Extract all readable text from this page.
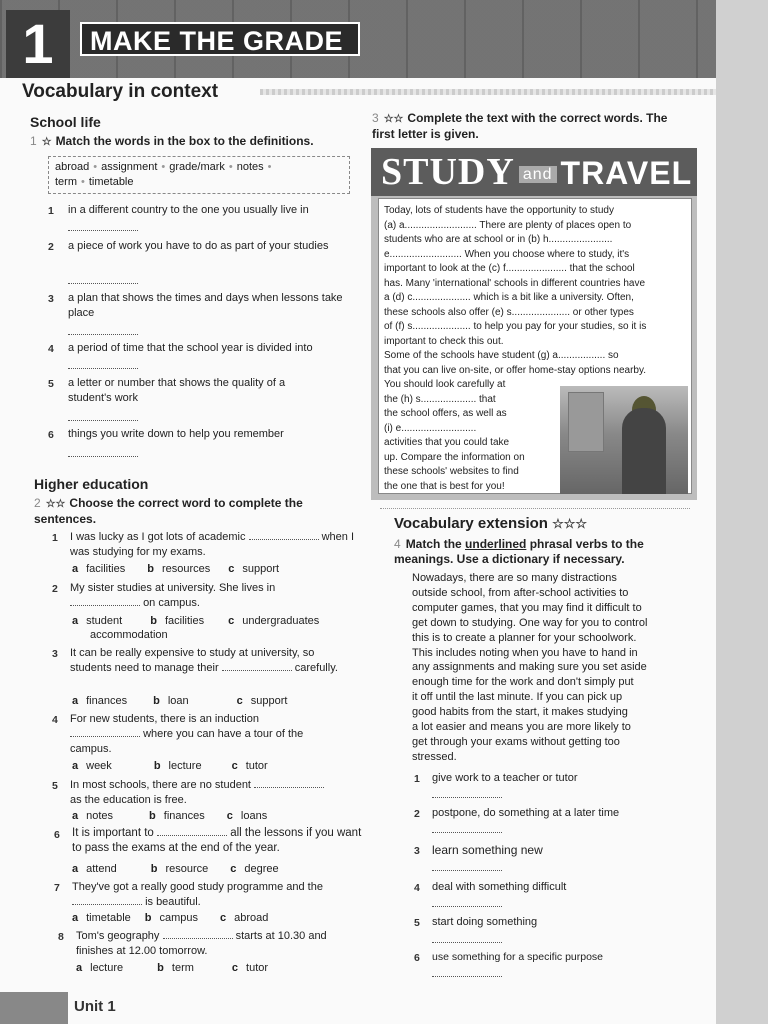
1	MAKE THE GRADE
Vocabulary in context
School life
1 ☆ Match the words in the box to the definitions.
abroad • assignment • grade/mark • notes •
term • timetable
1 in a different country to the one you usually live in
2 a piece of work you have to do as part of your studies
3 a plan that shows the times and days when lessons take place
4 a period of time that the school year is divided into
5 a letter or number that shows the quality of a student's work
6 things you write down to help you remember
Higher education
2 ☆☆ Choose the correct word to complete the sentences.
1 I was lucky as I got lots of academic	when I was studying for my exams.
a facilities b resources c support
2 My sister studies at university. She lives in
on campus.
a student	b facilities c undergraduates
accommodation
3 It can be really expensive to study at university, so students need to manage their	carefully.
a finances b loan	c support
4 For new students, there is an induction
where you can have a tour of the campus.
a week	b lecture	c tutor
5 In most schools, there are no student
as the education is free.
a notes	b finances c loans
6 It is important to	all the lessons if you want to pass the exams at the end of the year.
a attend	b resource c degree
7 They've got a really good study programme and the
is beautiful.
a timetable b campus c abroad
8 Tom's geography	starts at 10.30 and finishes at 12.00 tomorrow.
a lecture	b term	c tutor
3 ☆☆ Complete the text with the correct words. The first letter is given.
STUDY and TRAVEL
Today, lots of students have the opportunity to study
(a) a.......................... There are plenty of places open to
students who are at school or in (b) h.......................
e.......................... When you choose where to study, it's
important to look at the (c) f...................... that the school
has. Many 'international' schools in different countries have
a (d) c..................... which is a bit like a university. Often,
these schools also offer (e) s..................... or other types
of (f) s..................... to help you pay for your studies, so it is
important to check this out.
Some of the schools have student (g) a................. so
that you can live on-site, or offer home-stay options nearby.
You should look carefully at
the (h) s.................... that
the school offers, as well as
(i) e...........................
activities that you could take
up. Compare the information on
these schools' websites to find
the one that is best for you!
Vocabulary extension ☆☆☆
4 Match the underlined phrasal verbs to the meanings. Use a dictionary if necessary.
Nowadays, there are so many distractions
outside school, from after-school activities to
computer games, that you may find it difficult to
get down to studying. One way for you to control
this is to create a planner for your schoolwork.
This includes noting when you have to hand in
any assignments and making sure you set aside
enough time for the work and don't simply put
it off until the last minute. If you can pick up
good habits from the start, it makes studying
a lot easier and means you are more likely to
get through your exams without getting too
stressed.
1 give work to a teacher or tutor
2 postpone, do something at a later time
3 learn something new
4 deal with something difficult
5 start doing something
6 use something for a specific purpose
Unit 1
